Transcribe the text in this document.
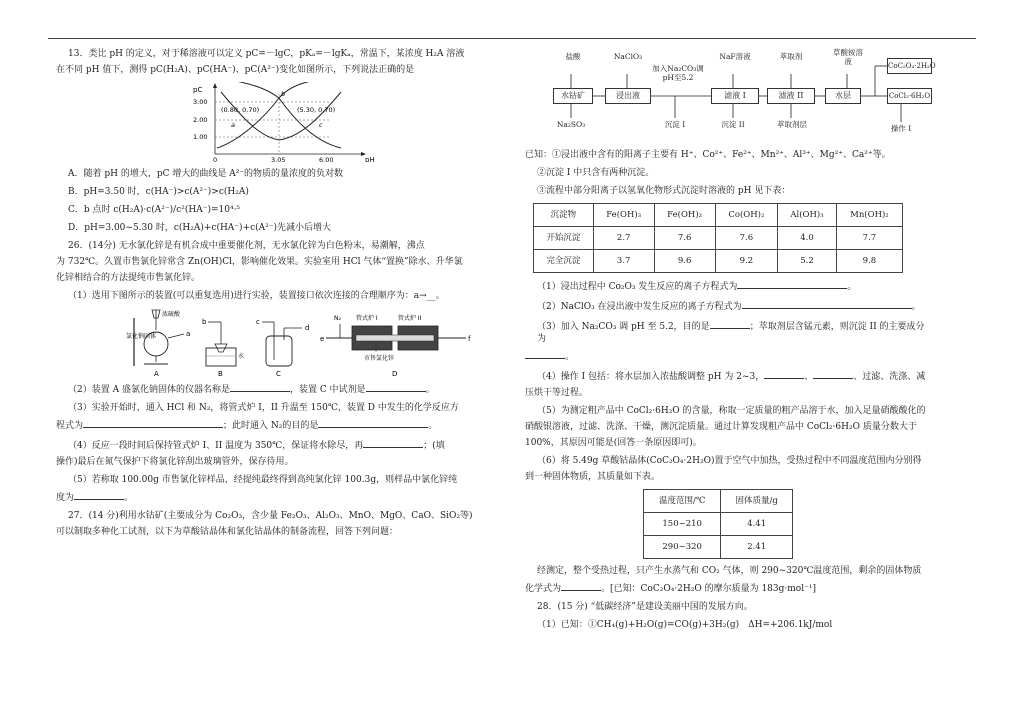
13．类比 pH 的定义，对于稀溶液可以定义 pC=－lgC，pKₐ=－lgKₐ，常温下，某浓度 H₂A 溶液

在不同 pH 值下，测得 pC(H₂A)、pC(HA⁻)、pC(A²⁻)变化如图所示，下列说法正确的是

pC
pH
3.00
2.00
1.00
0	3.05	6.00
(0.80, 0.70)	(5.30, 0.70)
a
b
c

A．随着 pH 的增大，pC 增大的曲线是 A²⁻的物质的量浓度的负对数

B．pH=3.50 时，c(HA⁻)>c(A²⁻)>c(H₂A)

C．b 点时 c(H₂A)·c(A²⁻)/c²(HA⁻)=10⁴·⁵

D．pH=3.00~5.30 时，c(H₂A)+c(HA⁻)+c(A²⁻)先减小后增大

26．(14分) 无水氯化锌是有机合成中重要催化剂，无水氯化锌为白色粉末，易潮解，沸点

为 732℃。久置市售氯化锌常含 Zn(OH)Cl，影响催化效果。实验室用 HCl 气体“置换”除水、升华氯

化锌相结合的方法提纯市售氯化锌。

（1）选用下图所示的装置(可以重复选用)进行实验，装置接口依次连接的合理顺序为：a→__。

浓硫酸
氯化钠固体	a
A
b
水
B
c
d
C
e	f
N₂	管式炉 I	管式炉 II
市售氯化锌
D

（2）装置 A 盛氯化钠固体的仪器名称是	，装置 C 中试剂是	。

（3）实验开始时，通入 HCl 和 N₂，将管式炉 I，II 升温至 150℃，装置 D 中发生的化学反应方

程式为	；此时通入 N₂的目的是	。

（4）反应一段时间后保持管式炉 I、II 温度为 350℃，保证将水除尽，再	；(填

操作)最后在氮气保护下将氯化锌刮出玻璃管外，保存待用。

（5）若称取 100.00g 市售氯化锌样品，经提纯最终得到高纯氯化锌 100.3g，则样品中氯化锌纯

度为	。

27．(14 分)利用水钴矿(主要成分为 Co₂O₃，含少量 Fe₂O₃、Al₂O₃、MnO、MgO、CaO、SiO₂等)

可以制取多种化工试剂，以下为草酸钴晶体和氯化钴晶体的制备流程，回答下列问题：

盐酸	NaClO₃
加入Na₂CO₃调pH至5.2
NaF溶液	萃取剂	草酸铵溶液
水钴矿	浸出液	滤液 I	滤液 II	水层
CoC₂O₄·2H₂O
CoCl₂·6H₂O
Na₂SO₃	沉淀 I	沉淀 II	萃取剂层	操作 I

已知：①浸出液中含有的阳离子主要有 H⁺、Co²⁺、Fe²⁺、Mn²⁺、Al³⁺、Mg²⁺、Ca²⁺等。

②沉淀 I 中只含有两种沉淀。

③流程中部分阳离子以氢氧化物形式沉淀时溶液的 pH 见下表：

沉淀物	Fe(OH)₃	Fe(OH)₂	Co(OH)₂	Al(OH)₃	Mn(OH)₂
开始沉淀	2.7	7.6	7.6	4.0	7.7
完全沉淀	3.7	9.6	9.2	5.2	9.8

（1）浸出过程中 Co₂O₃ 发生反应的离子方程式为	。

（2）NaClO₃ 在浸出液中发生反应的离子方程式为	。

（3）加入 Na₂CO₃ 调 pH 至 5.2，目的是	；萃取剂层含锰元素，则沉淀 II 的主要成分为

。

（4）操作 I 包括：将水层加入浓盐酸调整 pH 为 2~3，	、	、过滤、洗涤、减

压烘干等过程。

（5）为测定粗产品中 CoCl₂·6H₂O 的含量，称取一定质量的粗产品溶于水，加入足量硝酸酸化的

硝酸银溶液，过滤、洗涤、干燥，测沉淀质量。通过计算发现粗产品中 CoCl₂·6H₂O 质量分数大于

100%，其原因可能是(回答一条原因即可)。

（6）将 5.49g 草酸钴晶体(CoC₂O₄·2H₂O)置于空气中加热，受热过程中不同温度范围内分别得

到一种固体物质，其质量如下表。

温度范围/℃	固体质量/g
150~210	4.41
290~320	2.41

经测定，整个受热过程，只产生水蒸气和 CO₂ 气体，则 290~320℃温度范围，剩余的固体物质

化学式为	。[已知：CoC₂O₄·2H₂O 的摩尔质量为 183g·mol⁻¹]

28．(15 分) “低碳经济”是建设美丽中国的发展方向。

（1）已知：①CH₄(g)+H₂O(g)=CO(g)+3H₂(g)　ΔH=+206.1kJ/mol
